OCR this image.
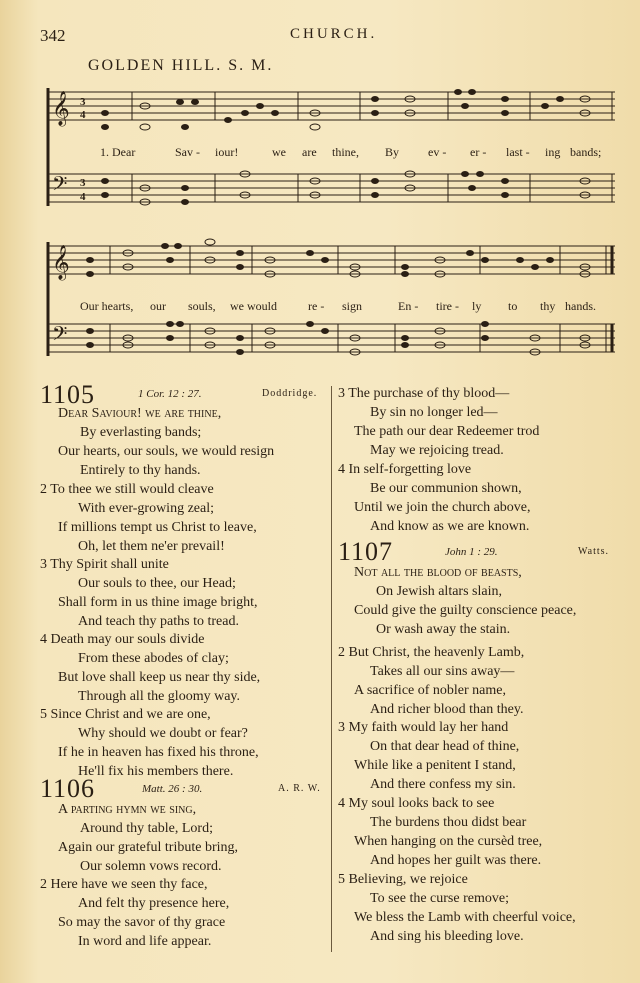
342	CHURCH.
GOLDEN HILL. S. M.
𝄞
𝄢
3
4
3
4
1. Dear	Sav - iour!	we are thine, By ev - er - last - ing bands;
𝄞
𝄢
Our hearts, our souls, we would	re - sign	En - tire - ly to thy hands.
1105	1 Cor. 12 : 27.	Doddridge.
Dear Saviour! we are thine,
By everlasting bands;
Our hearts, our souls, we would resign
Entirely to thy hands.
2 To thee we still would cleave
With ever-growing zeal;
If millions tempt us Christ to leave,
Oh, let them ne'er prevail!
3 Thy Spirit shall unite
Our souls to thee, our Head;
Shall form in us thine image bright,
And teach thy paths to tread.
4 Death may our souls divide
From these abodes of clay;
But love shall keep us near thy side,
Through all the gloomy way.
5 Since Christ and we are one,
Why should we doubt or fear?
If he in heaven has fixed his throne,
He'll fix his members there.
1106	Matt. 26 : 30.	A. R. W.
A parting hymn we sing,
Around thy table, Lord;
Again our grateful tribute bring,
Our solemn vows record.
2 Here have we seen thy face,
And felt thy presence here,
So may the savor of thy grace
In word and life appear.
3 The purchase of thy blood—
By sin no longer led—
The path our dear Redeemer trod
May we rejoicing tread.
4 In self-forgetting love
Be our communion shown,
Until we join the church above,
And know as we are known.
1107	John 1 : 29.	Watts.
Not all the blood of beasts,
On Jewish altars slain,
Could give the guilty conscience peace,
Or wash away the stain.
2 But Christ, the heavenly Lamb,
Takes all our sins away—
A sacrifice of nobler name,
And richer blood than they.
3 My faith would lay her hand
On that dear head of thine,
While like a penitent I stand,
And there confess my sin.
4 My soul looks back to see
The burdens thou didst bear
When hanging on the cursèd tree,
And hopes her guilt was there.
5 Believing, we rejoice
To see the curse remove;
We bless the Lamb with cheerful voice,
And sing his bleeding love.
